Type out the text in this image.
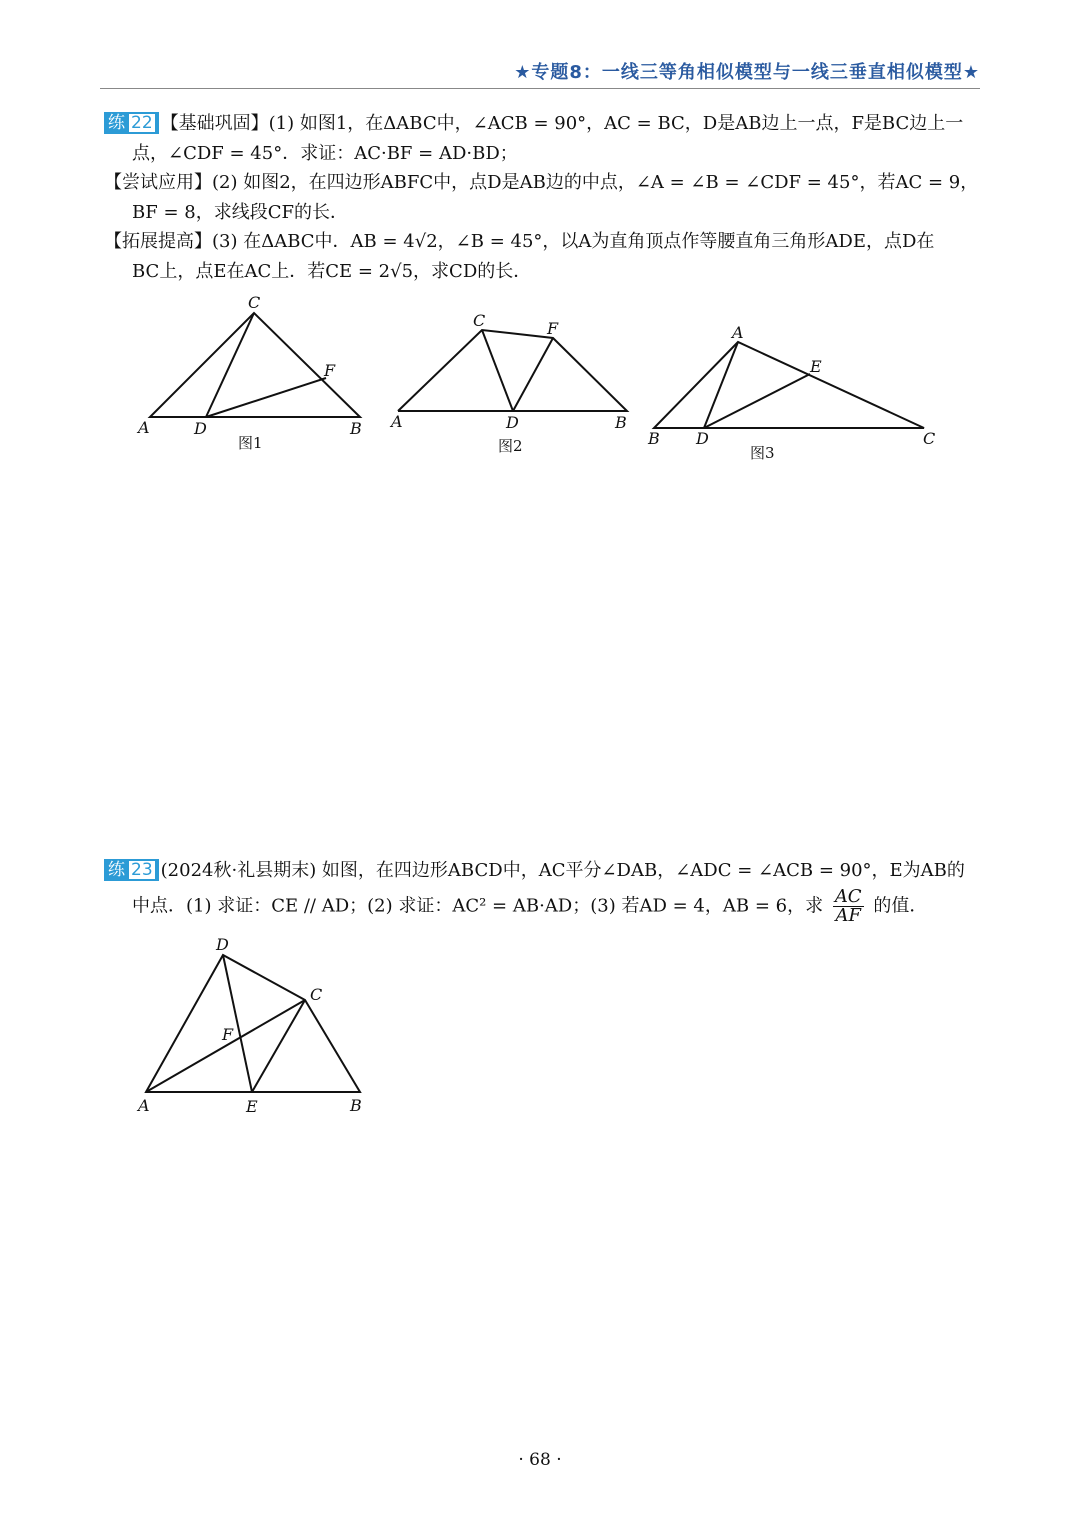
★专题8：一线三等角相似模型与一线三垂直相似模型★

练 22 【基础巩固】(1) 如图1，在ΔABC中，∠ACB = 90°，AC = BC，D是AB边上一点，F是BC边上一

点，∠CDF = 45°．求证：AC·BF = AD·BD；

【尝试应用】(2) 如图2，在四边形ABFC中，点D是AB边的中点，∠A = ∠B = ∠CDF = 45°，若AC = 9，

BF = 8，求线段CF的长．

【拓展提高】(3) 在ΔABC中．AB = 4√2，∠B = 45°，以A为直角顶点作等腰直角三角形ADE，点D在

BC上，点E在AC上．若CE = 2√5，求CD的长．

C
F
A	D	B
图1
C	F
A	D	B
图2
A
E
B D	C
图3

练 23 (2024秋·礼县期末) 如图，在四边形ABCD中，AC平分∠DAB，∠ADC = ∠ACB = 90°，E为AB的

中点．(1) 求证：CE // AD；(2) 求证：AC² = AB·AD；(3) 若AD = 4，AB = 6，求 $\frac{AC}{AF}$ 的值．

D
C
F
A	E	B
· 68 ·
